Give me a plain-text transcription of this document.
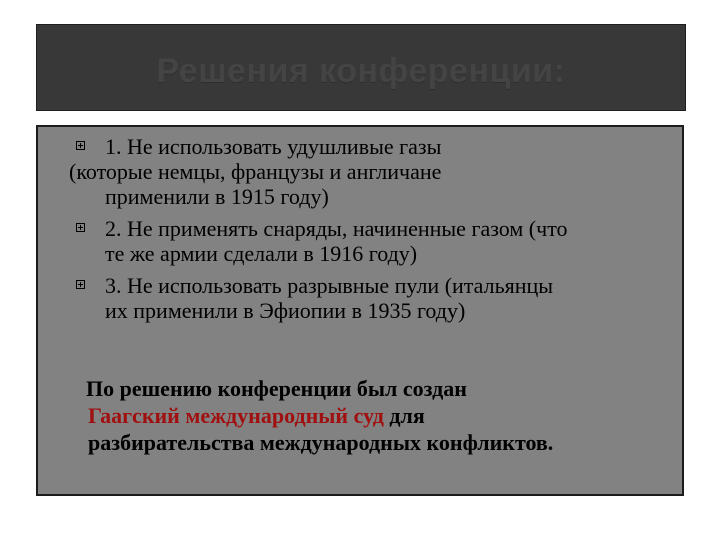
Решения конференции:
1. Не использовать удушливые газы
(которые немцы, французы и англичане
применили в 1915 году)
2. Не применять снаряды, начиненные газом (что
те же армии сделали в 1916 году)
3. Не использовать разрывные пули (итальянцы
их применили в Эфиопии в 1935 году)
По решению конференции был создан
Гаагский международный суд для
разбирательства международных конфликтов.
